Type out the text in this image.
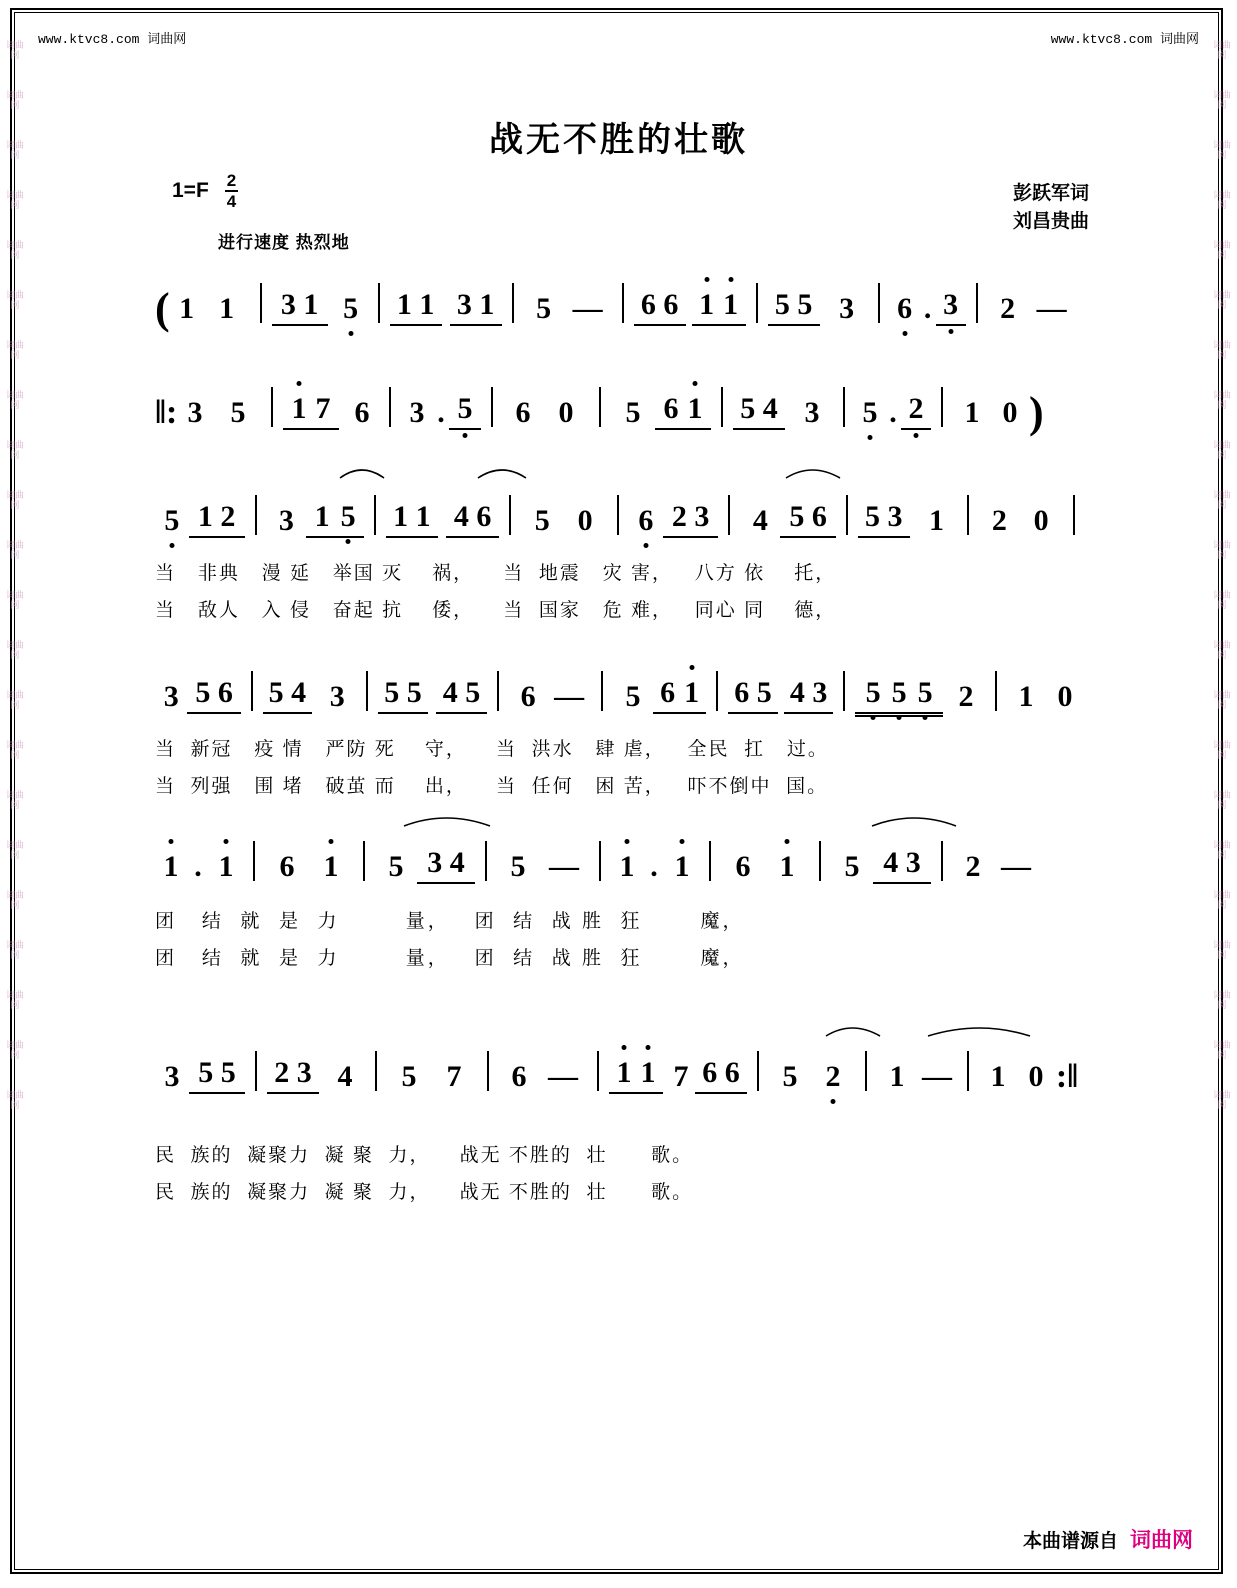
词曲网
词曲网
词曲网
词曲网
词曲网
词曲网
词曲网
词曲网
词曲网
词曲网
词曲网
词曲网
词曲网
词曲网
词曲网
词曲网
词曲网
词曲网
词曲网
词曲网
词曲网
词曲网
词曲网
词曲网
词曲网
词曲网
词曲网
词曲网
词曲网
词曲网
词曲网
词曲网
词曲网
词曲网
词曲网
词曲网
词曲网
词曲网
词曲网
词曲网
词曲网
词曲网
词曲网
词曲网
www.ktvc8.com 词曲网	www.ktvc8.com 词曲网
战无不胜的壮歌
$1=F \frac{2}{4}$	彭跃军词
刘昌贵曲
进行速度 热烈地
( 1 1	3 1 5	1 1 3 1	5 —	6 6 1 1 5 5 3	6 . 3	2 —
‖: 3 5	1 7 6	3 . 5	6 0	5 6 1 5 4 3	5 . 2	1 0 )
5 1 2	3 1 5 1 1 4 6	5 0	6 2 3	4 5 6	5 3 1	2 0
当   非典   漫 延   举国 灭    祸，    当  地震   灾 害，   八方 依    托，
当   敌人   入 侵   奋起 抗    倭，    当  国家   危 难，   同心 同    德，
3 5 6 5 4 3	5 5 4 5	6 —	5 6 1 6 5 4 3	5 5 5 2	1 0
当  新冠   疫 情   严防 死    守，    当  洪水   肆 虐，   全民  扛   过。
当  列强   围 堵   破茧 而    出，    当  任何   困 苦，   吓不倒中  国。
1 . 1	6 1	5 3 4	5 —	1 . 1	6 1	5 4 3	2 —
团   结  就  是  力        量，   团  结  战 胜  狂       魔，
团   结  就  是  力        量，   团  结  战 胜  狂       魔，
3 5 5	2 3 4	5	7	6 —	1 1 7 6 6	5 2	1 —	1 0 :‖
民  族的  凝聚力  凝 聚  力，    战无 不胜的  壮      歌。
民  族的  凝聚力  凝 聚  力，    战无 不胜的  壮      歌。
本曲谱源自 词曲网
